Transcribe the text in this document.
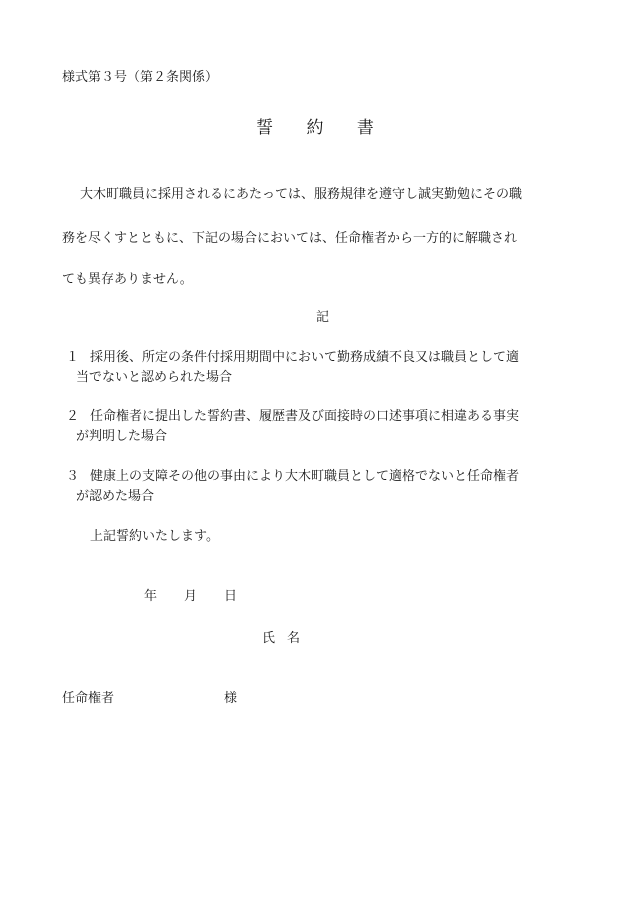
様式第３号（第２条関係）
誓 約 書
大木町職員に採用されるにあたっては、服務規律を遵守し誠実勤勉にその職
務を尽くすとともに、下記の場合においては、任命権者から一方的に解職され
ても異存ありません。
記
１ 採用後、所定の条件付採用期間中において勤務成績不良又は職員として適
当でないと認められた場合
２ 任命権者に提出した誓約書、履歴書及び面接時の口述事項に相違ある事実
が判明した場合
３ 健康上の支障その他の事由により大木町職員として適格でないと任命権者
が認めた場合
上記誓約いたします。
年 月 日
氏名
任命権者	様
